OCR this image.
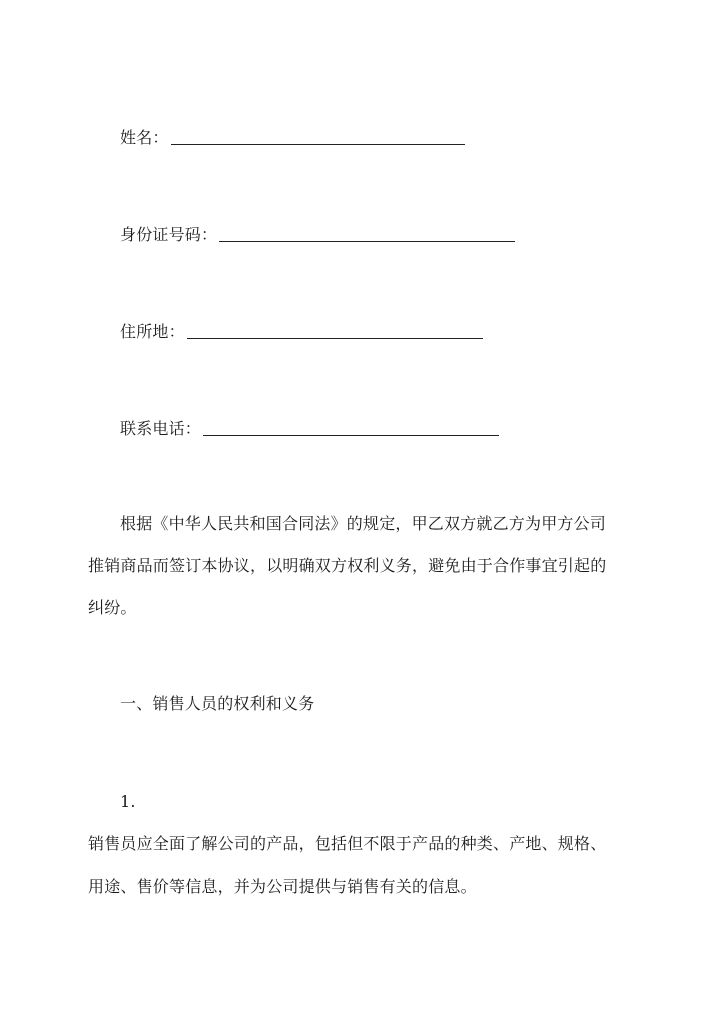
姓名：
身份证号码：
住所地：
联系电话：
根据《中华人民共和国合同法》的规定，甲乙双方就乙方为甲方公司
推销商品而签订本协议，以明确双方权利义务，避免由于合作事宜引起的
纠纷。
一、销售人员的权利和义务
1.
销售员应全面了解公司的产品，包括但不限于产品的种类、产地、规格、
用途、售价等信息，并为公司提供与销售有关的信息。
